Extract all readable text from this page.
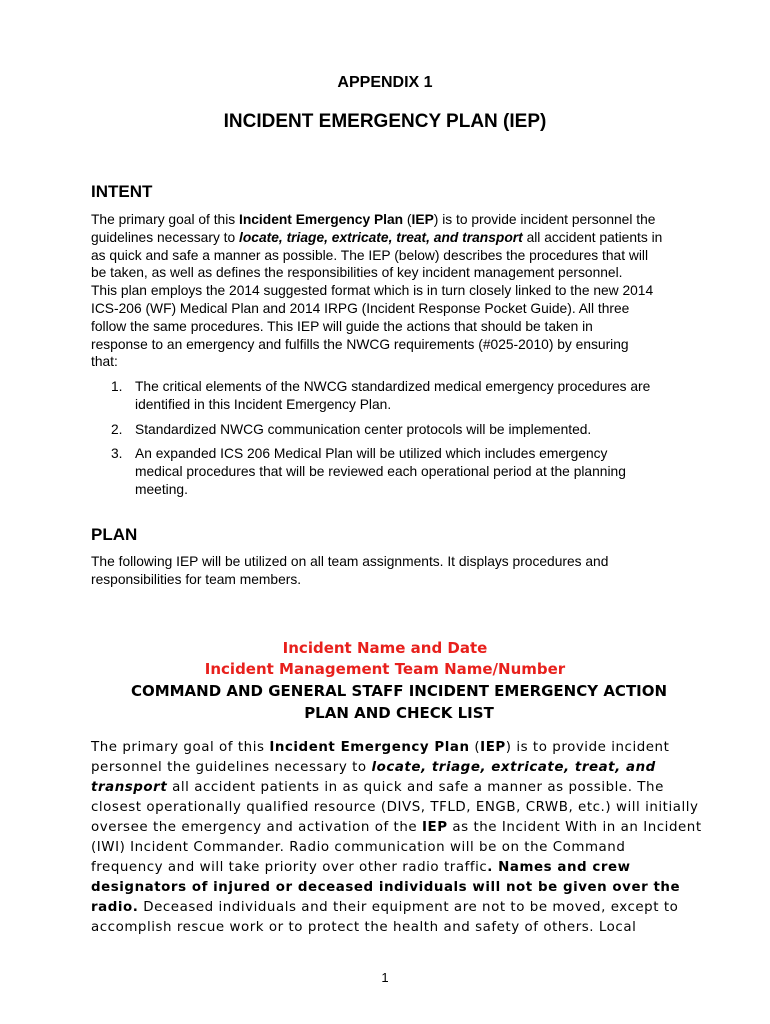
APPENDIX 1
INCIDENT EMERGENCY PLAN (IEP)
INTENT
The primary goal of this Incident Emergency Plan (IEP) is to provide incident personnel the
guidelines necessary to locate, triage, extricate, treat, and transport all accident patients in
as quick and safe a manner as possible. The IEP (below) describes the procedures that will
be taken, as well as defines the responsibilities of key incident management personnel.
This plan employs the 2014 suggested format which is in turn closely linked to the new 2014
ICS-206 (WF) Medical Plan and 2014 IRPG (Incident Response Pocket Guide). All three
follow the same procedures. This IEP will guide the actions that should be taken in
response to an emergency and fulfills the NWCG requirements (#025-2010) by ensuring
that:
1. The critical elements of the NWCG standardized medical emergency procedures are
identified in this Incident Emergency Plan.
2. Standardized NWCG communication center protocols will be implemented.
3. An expanded ICS 206 Medical Plan will be utilized which includes emergency
medical procedures that will be reviewed each operational period at the planning
meeting.
PLAN
The following IEP will be utilized on all team assignments. It displays procedures and
responsibilities for team members.
Incident Name and Date
Incident Management Team Name/Number
COMMAND AND GENERAL STAFF INCIDENT EMERGENCY ACTION
PLAN AND CHECK LIST
The primary goal of this Incident Emergency Plan (IEP) is to provide incident
personnel the guidelines necessary to locate, triage, extricate, treat, and
transport all accident patients in as quick and safe a manner as possible. The
closest operationally qualified resource (DIVS, TFLD, ENGB, CRWB, etc.) will initially
oversee the emergency and activation of the IEP as the Incident With in an Incident
(IWI) Incident Commander. Radio communication will be on the Command
frequency and will take priority over other radio traffic. Names and crew
designators of injured or deceased individuals will not be given over the
radio. Deceased individuals and their equipment are not to be moved, except to
accomplish rescue work or to protect the health and safety of others. Local
1
